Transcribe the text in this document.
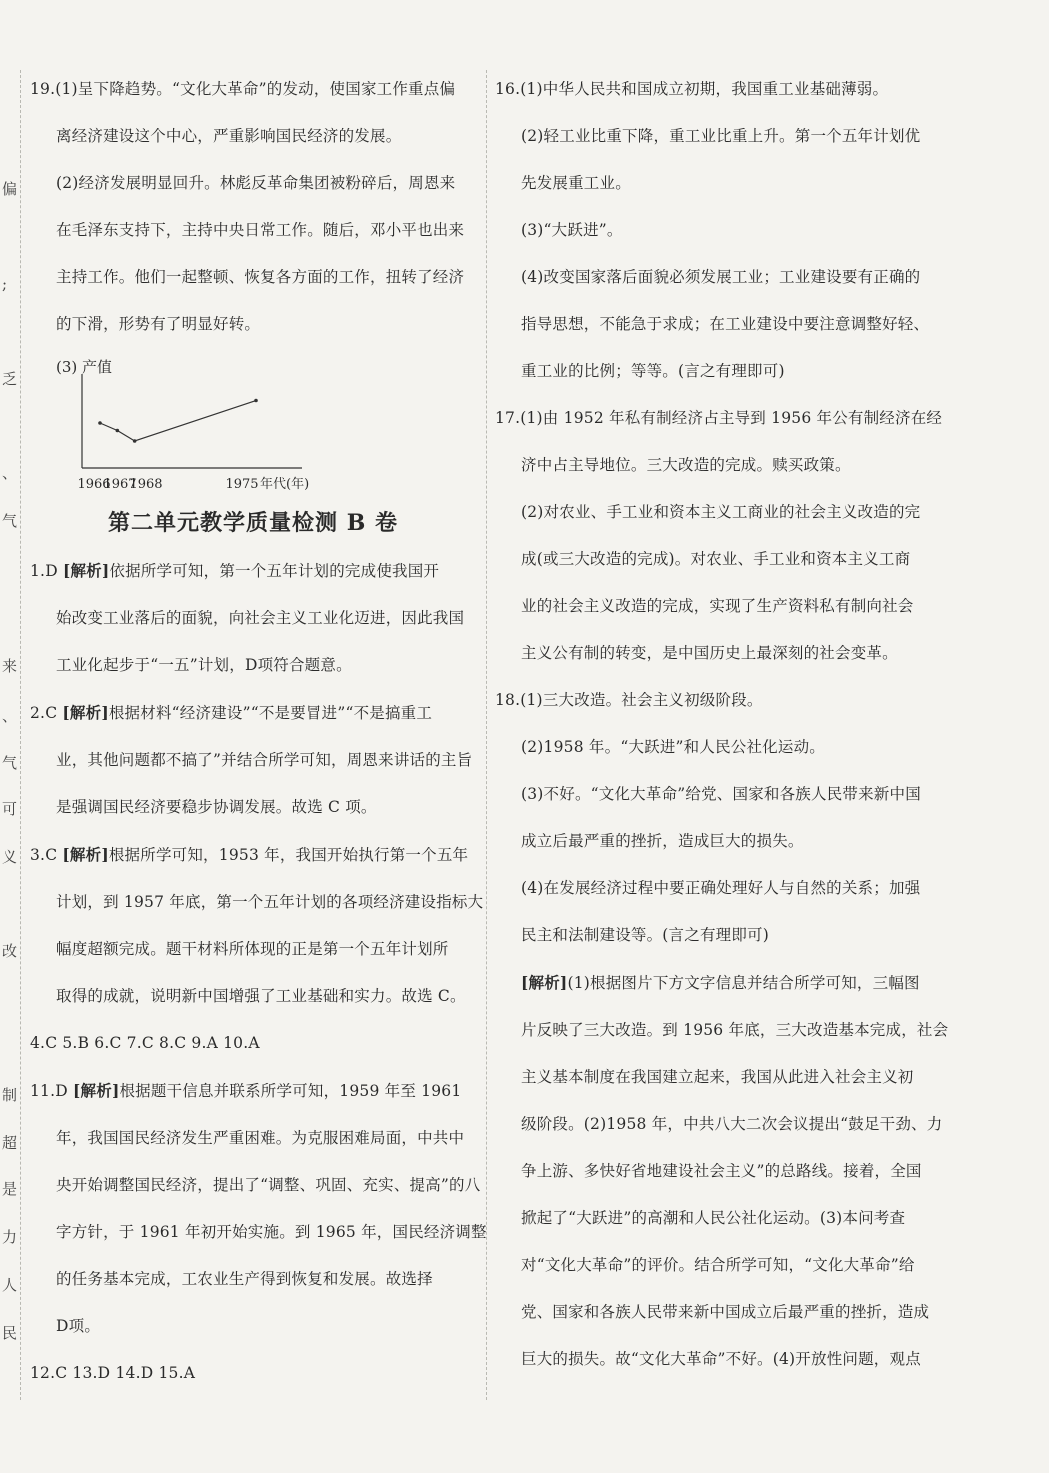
偏
;
乏
、
气
来
、
气
可
义
改
制
超
是
力
人
民

19.(1)呈下降趋势。“文化大革命”的发动，使国家工作重点偏

离经济建设这个中心，严重影响国民经济的发展。

(2)经济发展明显回升。林彪反革命集团被粉碎后，周恩来

在毛泽东支持下，主持中央日常工作。随后，邓小平也出来

主持工作。他们一起整顿、恢复各方面的工作，扭转了经济

的下滑，形势有了明显好转。

(3) 产值
1966
1967
1968	1975 年代(年)

第二单元教学质量检测 B 卷

1.D [解析]依据所学可知，第一个五年计划的完成使我国开

始改变工业落后的面貌，向社会主义工业化迈进，因此我国

工业化起步于“一五”计划，D项符合题意。

2.C [解析]根据材料“经济建设”“不是要冒进”“不是搞重工

业，其他问题都不搞了”并结合所学可知，周恩来讲话的主旨

是强调国民经济要稳步协调发展。故选 C 项。

3.C [解析]根据所学可知，1953 年，我国开始执行第一个五年

计划，到 1957 年底，第一个五年计划的各项经济建设指标大

幅度超额完成。题干材料所体现的正是第一个五年计划所

取得的成就，说明新中国增强了工业基础和实力。故选 C。

4.C 5.B 6.C 7.C 8.C 9.A 10.A

11.D [解析]根据题干信息并联系所学可知，1959 年至 1961

年，我国国民经济发生严重困难。为克服困难局面，中共中

央开始调整国民经济，提出了“调整、巩固、充实、提高”的八

字方针，于 1961 年初开始实施。到 1965 年，国民经济调整

的任务基本完成，工农业生产得到恢复和发展。故选择

D项。

12.C 13.D 14.D 15.A

16.(1)中华人民共和国成立初期，我国重工业基础薄弱。

(2)轻工业比重下降，重工业比重上升。第一个五年计划优

先发展重工业。

(3)“大跃进”。

(4)改变国家落后面貌必须发展工业；工业建设要有正确的

指导思想，不能急于求成；在工业建设中要注意调整好轻、

重工业的比例；等等。(言之有理即可)

17.(1)由 1952 年私有制经济占主导到 1956 年公有制经济在经

济中占主导地位。三大改造的完成。赎买政策。

(2)对农业、手工业和资本主义工商业的社会主义改造的完

成(或三大改造的完成)。对农业、手工业和资本主义工商

业的社会主义改造的完成，实现了生产资料私有制向社会

主义公有制的转变，是中国历史上最深刻的社会变革。

18.(1)三大改造。社会主义初级阶段。

(2)1958 年。“大跃进”和人民公社化运动。

(3)不好。“文化大革命”给党、国家和各族人民带来新中国

成立后最严重的挫折，造成巨大的损失。

(4)在发展经济过程中要正确处理好人与自然的关系；加强

民主和法制建设等。(言之有理即可)

[解析](1)根据图片下方文字信息并结合所学可知，三幅图

片反映了三大改造。到 1956 年底，三大改造基本完成，社会

主义基本制度在我国建立起来，我国从此进入社会主义初

级阶段。(2)1958 年，中共八大二次会议提出“鼓足干劲、力

争上游、多快好省地建设社会主义”的总路线。接着，全国

掀起了“大跃进”的高潮和人民公社化运动。(3)本问考查

对“文化大革命”的评价。结合所学可知，“文化大革命”给

党、国家和各族人民带来新中国成立后最严重的挫折，造成

巨大的损失。故“文化大革命”不好。(4)开放性问题，观点
